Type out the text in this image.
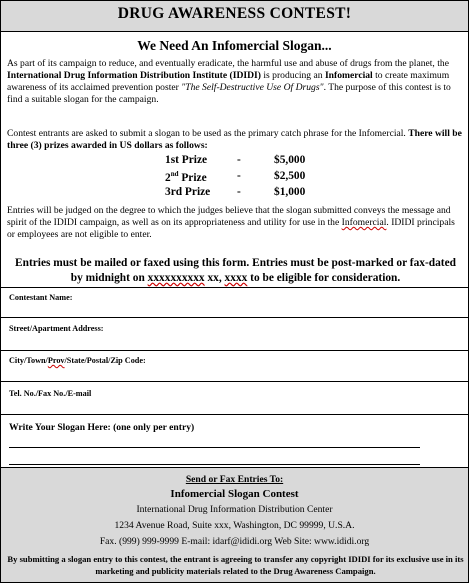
DRUG AWARENESS CONTEST!
We Need An Infomercial Slogan...
As part of its campaign to reduce, and eventually eradicate, the harmful use and abuse of drugs from the planet, the International Drug Information Distribution Institute (IDIDI) is producing an Infomercial to create maximum awareness of its acclaimed prevention poster "The Self-Destructive Use Of Drugs". The purpose of this contest is to find a suitable slogan for the campaign.
Contest entrants are asked to submit a slogan to be used as the primary catch phrase for the Infomercial. There will be three (3) prizes awarded in US dollars as follows:
1st Prize	-	$5,000
2nd Prize	-	$2,500
3rd Prize -	$1,000
Entries will be judged on the degree to which the judges believe that the slogan submitted conveys the message and spirit of the IDIDI campaign, as well as on its appropriateness and utility for use in the Infomercial. IDIDI principals or employees are not eligible to enter.
Entries must be mailed or faxed using this form. Entries must be post-marked or fax-dated by midnight on xxxxxxxxxx xx, xxxx to be eligible for consideration.
Contestant Name:
Street/Apartment Address:
City/Town/Prov/State/Postal/Zip Code:
Tel. No./Fax No./E-mail
Write Your Slogan Here: (one only per entry)
Send or Fax Entries To:
Infomercial Slogan Contest
International Drug Information Distribution Center
1234 Avenue Road, Suite xxx, Washington, DC 99999, U.S.A.
Fax. (999) 999-9999 E-mail: idarf@ididi.org Web Site: www.ididi.org
By submitting a slogan entry to this contest, the entrant is agreeing to transfer any copyright IDIDI for its exclusive use in its marketing and publicity materials related to the Drug Awareness Campaign.
